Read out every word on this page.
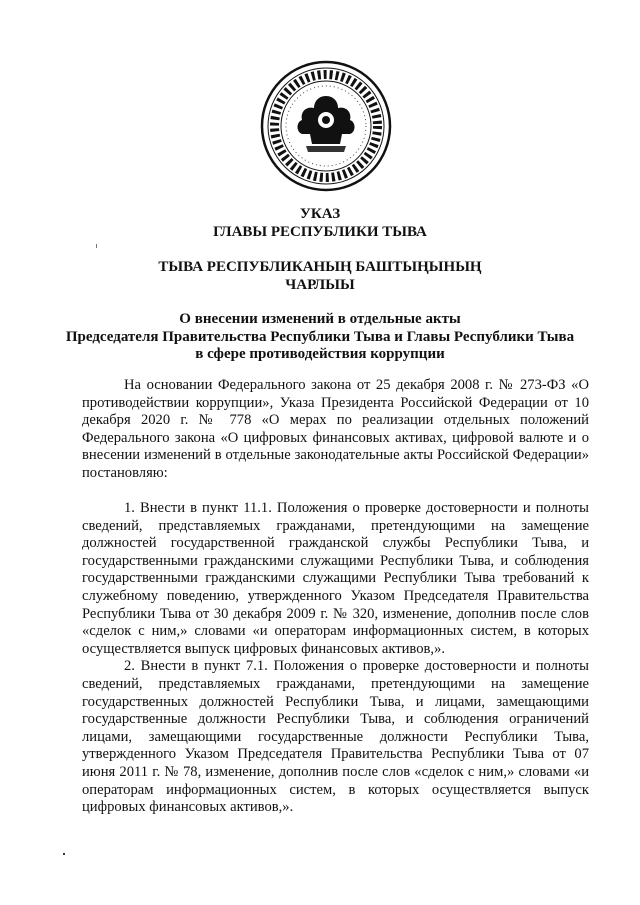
УКАЗ
ГЛАВЫ РЕСПУБЛИКИ ТЫВА
ТЫВА РЕСПУБЛИКАНЫҢ БАШТЫҢЫНЫҢ
ЧАРЛЫЫ
О внесении изменений в отдельные акты
Председателя Правительства Республики Тыва и Главы Республики Тыва
в сфере противодействия коррупции

На основании Федерального закона от 25 декабря 2008 г. № 273-ФЗ «О противодействии коррупции», Указа Президента Российской Федерации от 10 декабря 2020 г. № 778 «О мерах по реализации отдельных положений Федерального закона «О цифровых финансовых активах, цифровой валюте и о внесении изменений в отдельные законодательные акты Российской Федерации» постановляю:

1. Внести в пункт 11.1. Положения о проверке достоверности и полноты сведений, представляемых гражданами, претендующими на замещение должностей государственной гражданской службы Республики Тыва, и государственными гражданскими служащими Республики Тыва, и соблюдения государственными гражданскими служащими Республики Тыва требований к служебному поведению, утвержденного Указом Председателя Правительства Республики Тыва от 30 декабря 2009 г. № 320, изменение, дополнив после слов «сделок с ним,» словами «и операторам информационных систем, в которых осуществляется выпуск цифровых финансовых активов,».

2. Внести в пункт 7.1. Положения о проверке достоверности и полноты сведений, представляемых гражданами, претендующими на замещение государственных должностей Республики Тыва, и лицами, замещающими государственные должности Республики Тыва, и соблюдения ограничений лицами, замещающими государственные должности Республики Тыва, утвержденного Указом Председателя Правительства Республики Тыва от 07 июня 2011 г. № 78, изменение, дополнив после слов «сделок с ним,» словами «и операторам информационных систем, в которых осуществляется выпуск цифровых финансовых активов,».
